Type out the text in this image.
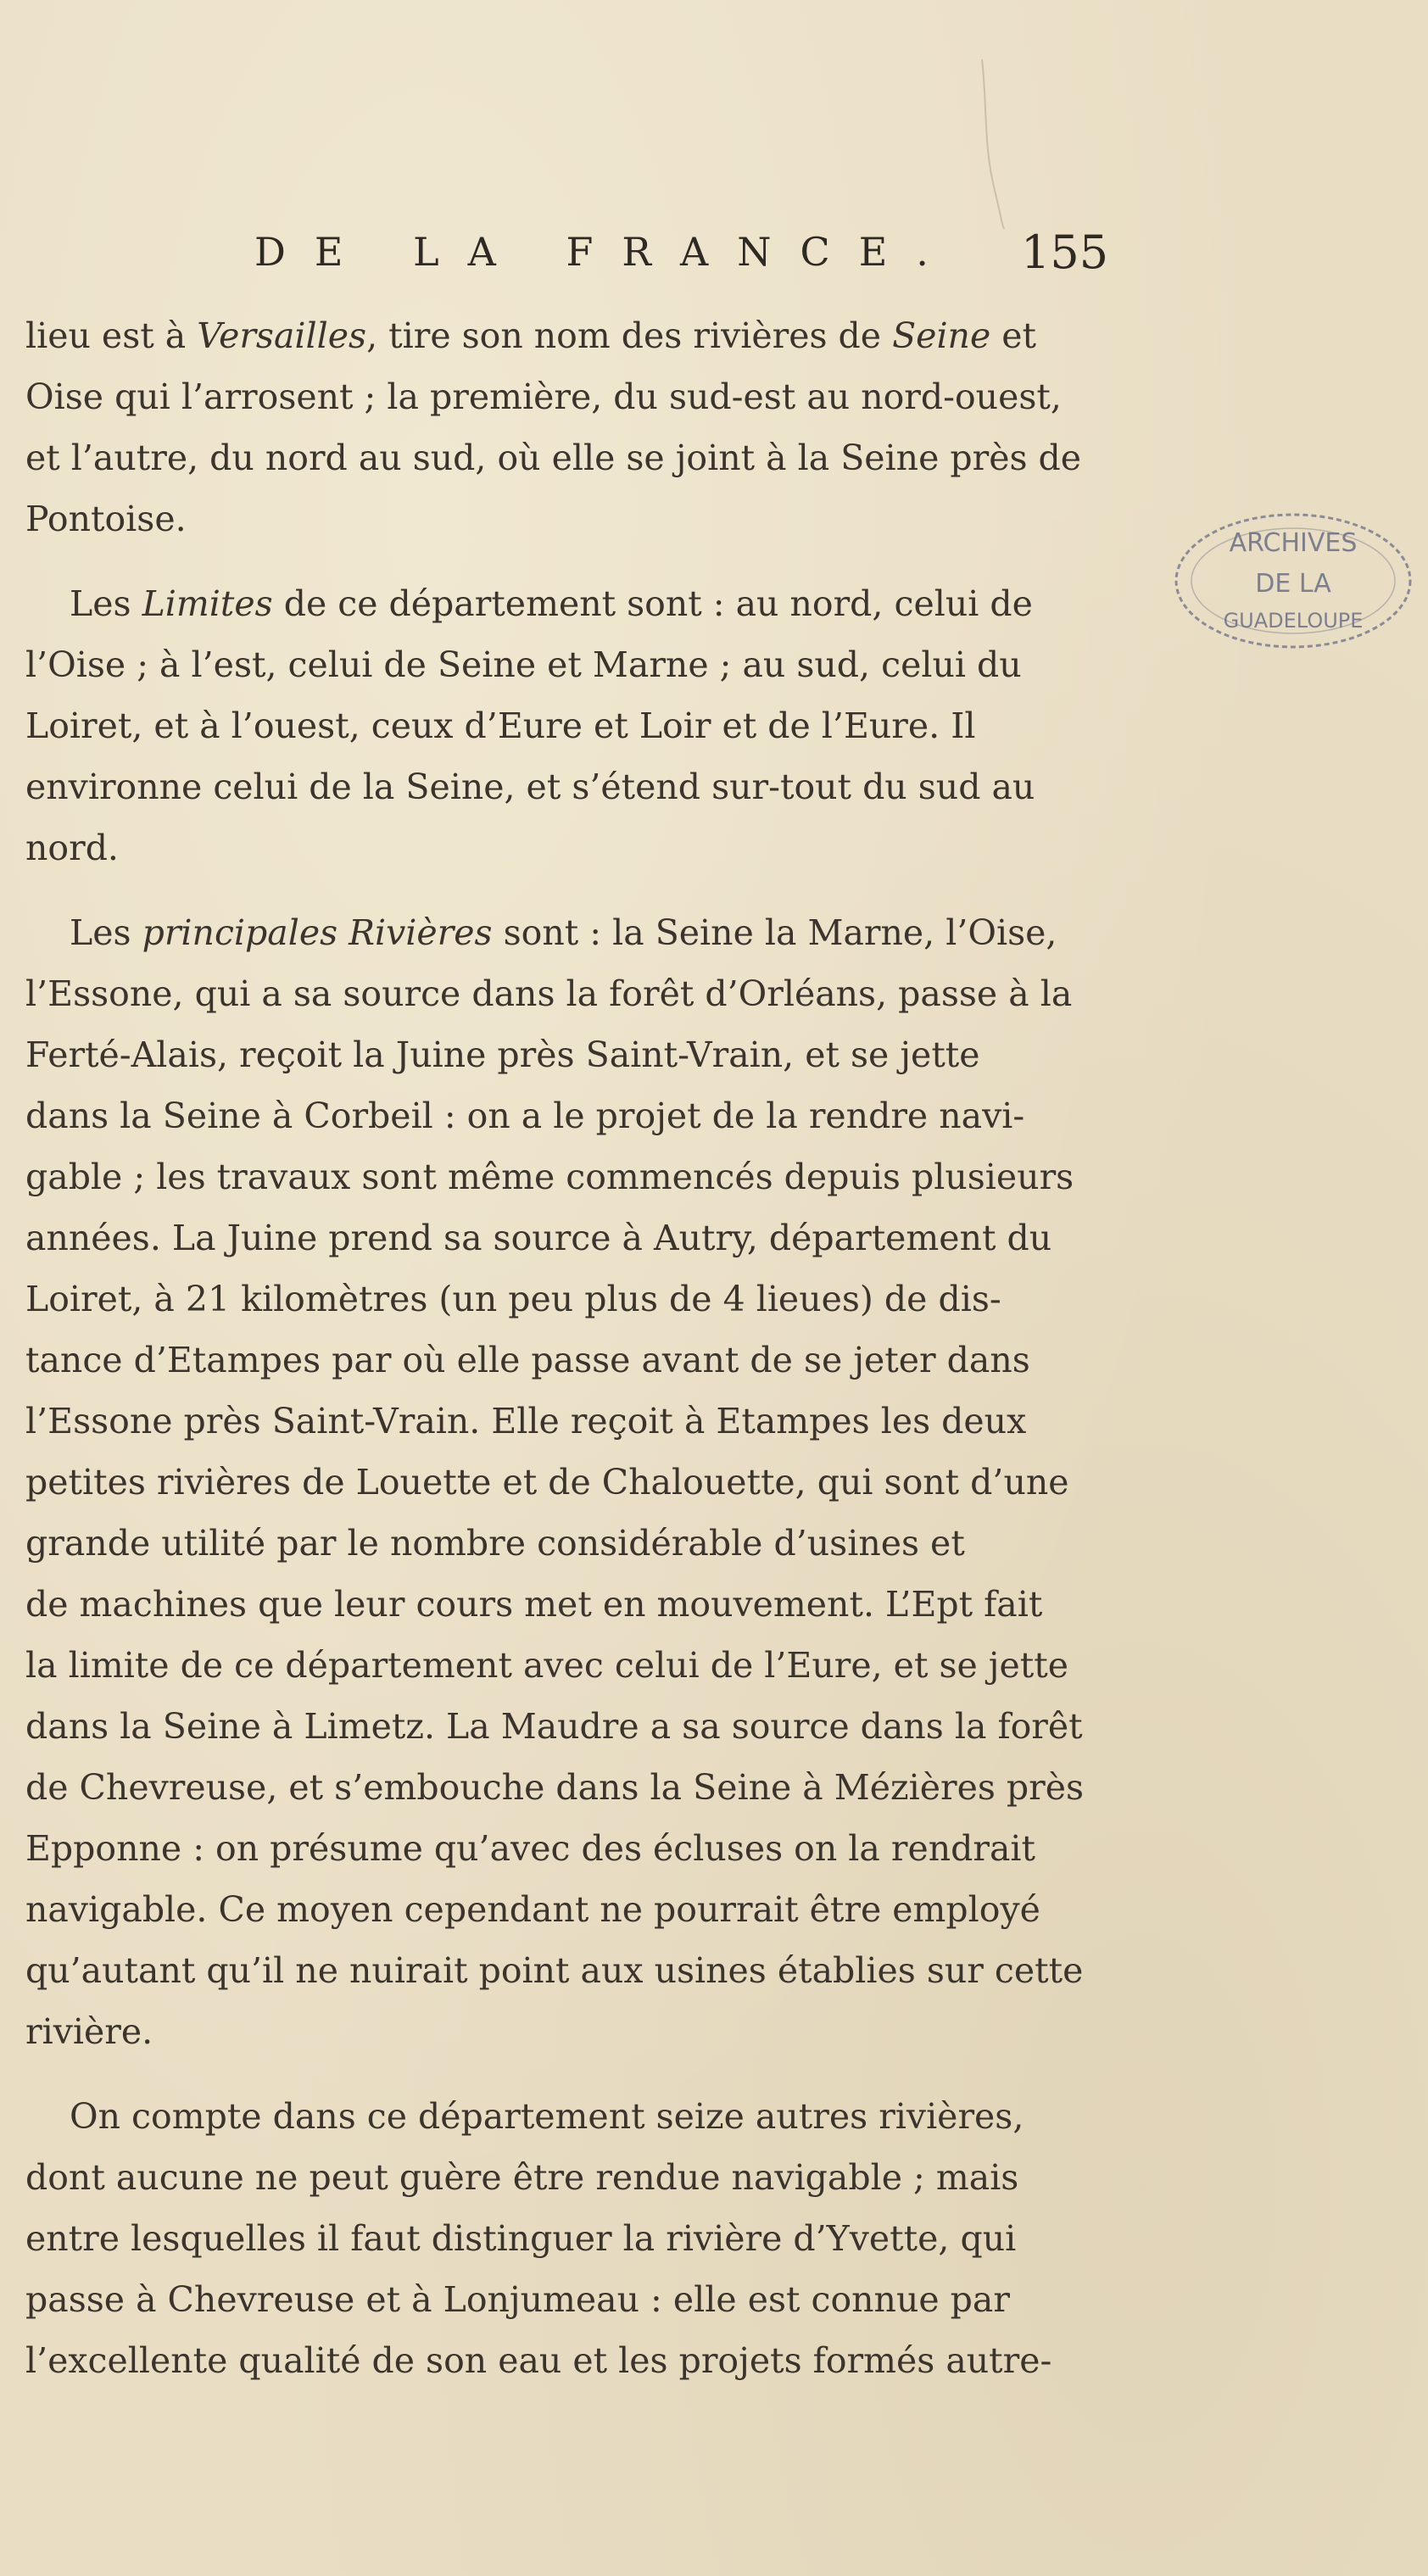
DE LA FRANCE.	155
ARCHIVES
DE LA
GUADELOUPE
lieu est à Versailles, tire son nom des rivières de Seine et
Oise qui l’arrosent ; la première, du sud-est au nord-ouest,
et l’autre, du nord au sud, où elle se joint à la Seine près de
Pontoise.
Les Limites de ce département sont : au nord, celui de
l’Oise ; à l’est, celui de Seine et Marne ; au sud, celui du
Loiret, et à l’ouest, ceux d’Eure et Loir et de l’Eure. Il
environne celui de la Seine, et s’étend sur-tout du sud au
nord.
Les principales Rivières sont : la Seine la Marne, l’Oise,
l’Essone, qui a sa source dans la forêt d’Orléans, passe à la
Ferté-Alais, reçoit la Juine près Saint-Vrain, et se jette
dans la Seine à Corbeil : on a le projet de la rendre navi-
gable ; les travaux sont même commencés depuis plusieurs
années. La Juine prend sa source à Autry, département du
Loiret, à 21 kilomètres (un peu plus de 4 lieues) de dis-
tance d’Etampes par où elle passe avant de se jeter dans
l’Essone près Saint-Vrain. Elle reçoit à Etampes les deux
petites rivières de Louette et de Chalouette, qui sont d’une
grande utilité par le nombre considérable d’usines et
de machines que leur cours met en mouvement. L’Ept fait
la limite de ce département avec celui de l’Eure, et se jette
dans la Seine à Limetz. La Maudre a sa source dans la forêt
de Chevreuse, et s’embouche dans la Seine à Mézières près
Epponne : on présume qu’avec des écluses on la rendrait
navigable. Ce moyen cependant ne pourrait être employé
qu’autant qu’il ne nuirait point aux usines établies sur cette
rivière.
On compte dans ce département seize autres rivières,
dont aucune ne peut guère être rendue navigable ; mais
entre lesquelles il faut distinguer la rivière d’Yvette, qui
passe à Chevreuse et à Lonjumeau : elle est connue par
l’excellente qualité de son eau et les projets formés autre-
